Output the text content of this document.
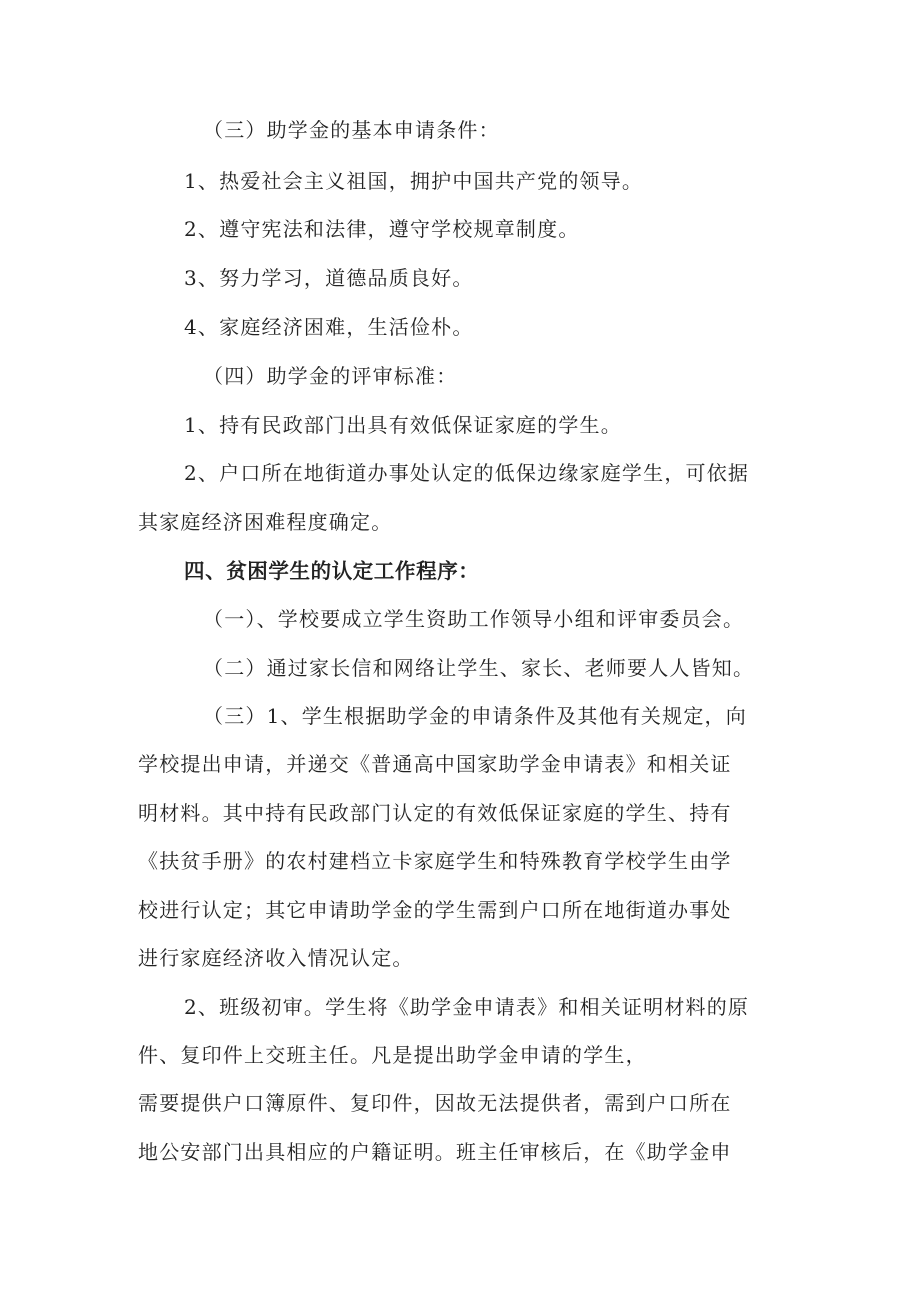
（三）助学金的基本申请条件：
1、热爱社会主义祖国，拥护中国共产党的领导。
2、遵守宪法和法律，遵守学校规章制度。
3、努力学习，道德品质良好。
4、家庭经济困难，生活俭朴。
（四）助学金的评审标准：
1、持有民政部门出具有效低保证家庭的学生。
2、户口所在地街道办事处认定的低保边缘家庭学生，可依据
其家庭经济困难程度确定。
四、贫困学生的认定工作程序：
（一）、学校要成立学生资助工作领导小组和评审委员会。
（二）通过家长信和网络让学生、家长、老师要人人皆知。
（三）1、学生根据助学金的申请条件及其他有关规定，向
学校提出申请，并递交《普通高中国家助学金申请表》和相关证
明材料。其中持有民政部门认定的有效低保证家庭的学生、持有
《扶贫手册》的农村建档立卡家庭学生和特殊教育学校学生由学
校进行认定；其它申请助学金的学生需到户口所在地街道办事处
进行家庭经济收入情况认定。
2、班级初审。学生将《助学金申请表》和相关证明材料的原
件、复印件上交班主任。凡是提出助学金申请的学生，
需要提供户口簿原件、复印件，因故无法提供者，需到户口所在
地公安部门出具相应的户籍证明。班主任审核后，在《助学金申
